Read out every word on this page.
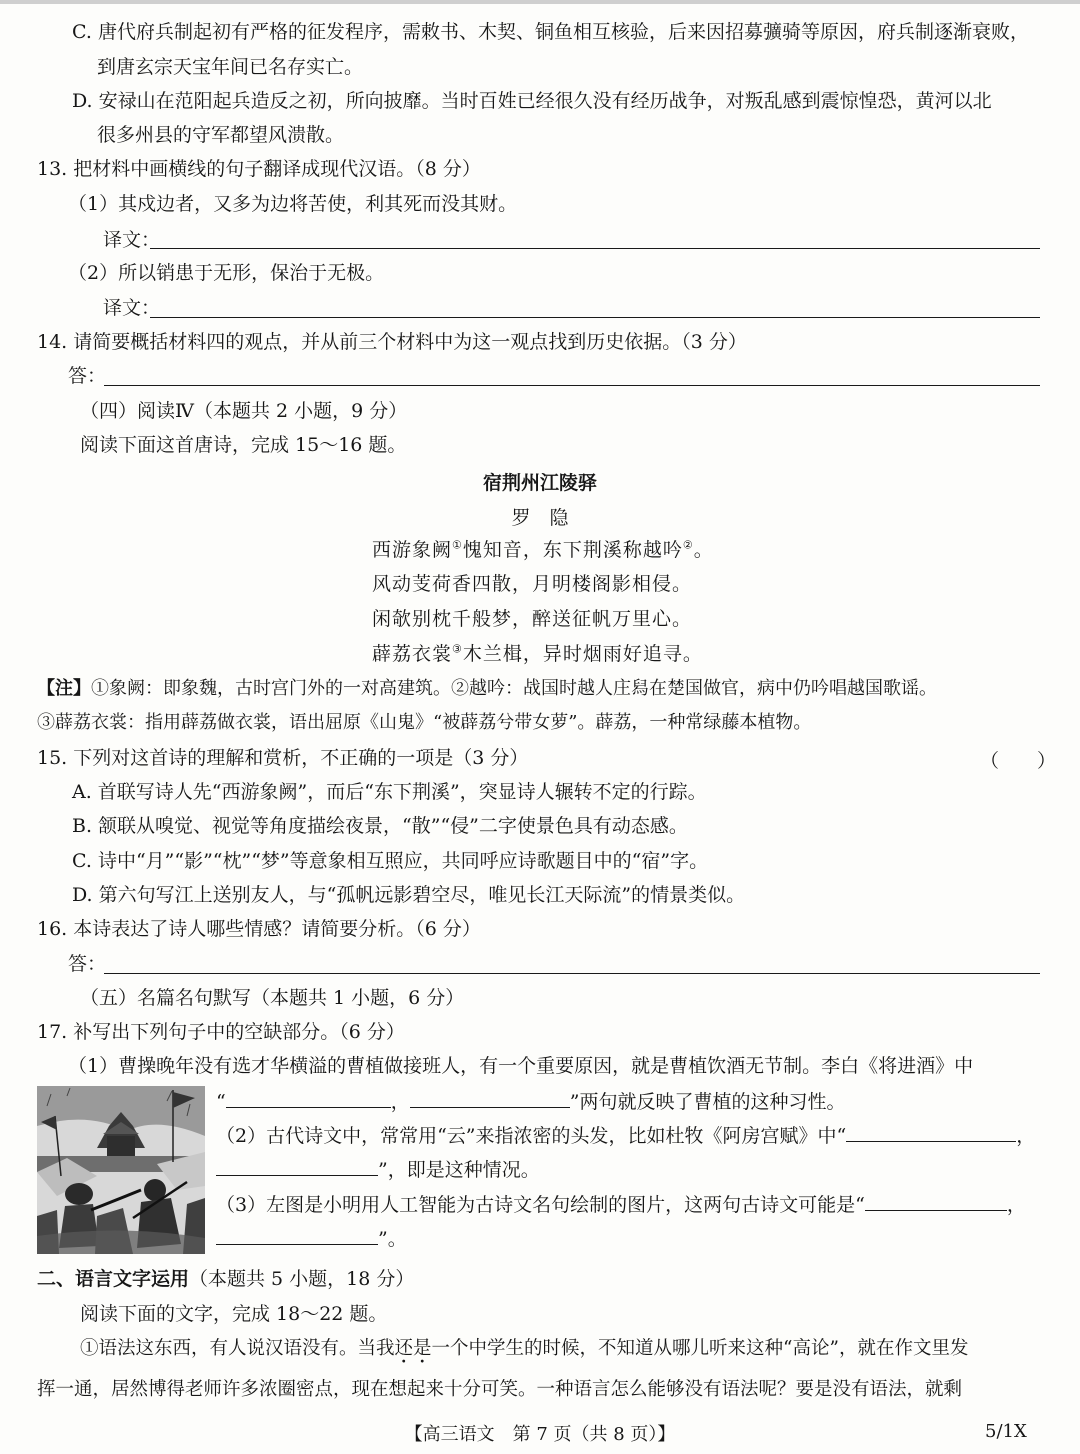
C. 唐代府兵制起初有严格的征发程序，需敕书、木契、铜鱼相互核验，后来因招募彍骑等原因，府兵制逐渐衰败，
到唐玄宗天宝年间已名存实亡。
D. 安禄山在范阳起兵造反之初，所向披靡。当时百姓已经很久没有经历战争，对叛乱感到震惊惶恐，黄河以北
很多州县的守军都望风溃散。
13. 把材料中画横线的句子翻译成现代汉语。（8 分）
（1）其戍边者，又多为边将苦使，利其死而没其财。
译文：
（2）所以销患于无形，保治于无极。
译文：
14. 请简要概括材料四的观点，并从前三个材料中为这一观点找到历史依据。（3 分）
答：
（四）阅读Ⅳ（本题共 2 小题，9 分）
阅读下面这首唐诗，完成 15～16 题。
宿荆州江陵驿
罗　隐
西游象阙①愧知音，东下荆溪称越吟②。
风动芰荷香四散，月明楼阁影相侵。
闲欹别枕千般梦，醉送征帆万里心。
薜荔衣裳③木兰楫，异时烟雨好追寻。
【注】①象阙：即象魏，古时宫门外的一对高建筑。②越吟：战国时越人庄舄在楚国做官，病中仍吟唱越国歌谣。
③薜荔衣裳：指用薜荔做衣裳，语出屈原《山鬼》“被薜荔兮带女萝”。薜荔，一种常绿藤本植物。
15. 下列对这首诗的理解和赏析，不正确的一项是（3 分）	（　　）
A. 首联写诗人先“西游象阙”，而后“东下荆溪”，突显诗人辗转不定的行踪。
B. 颔联从嗅觉、视觉等角度描绘夜景，“散”“侵”二字使景色具有动态感。
C. 诗中“月”“影”“枕”“梦”等意象相互照应，共同呼应诗歌题目中的“宿”字。
D. 第六句写江上送别友人，与“孤帆远影碧空尽，唯见长江天际流”的情景类似。
16. 本诗表达了诗人哪些情感？请简要分析。（6 分）
答：
（五）名篇名句默写（本题共 1 小题，6 分）
17. 补写出下列句子中的空缺部分。（6 分）
（1）曹操晚年没有选才华横溢的曹植做接班人，有一个重要原因，就是曹植饮酒无节制。李白《将进酒》中
“	，	”两句就反映了曹植的这种习性。
（2）古代诗文中，常常用“云”来指浓密的头发，比如杜牧《阿房宫赋》中“	，
”，即是这种情况。
（3）左图是小明用人工智能为古诗文名句绘制的图片，这两句古诗文可能是“	，
”。
二、语言文字运用（本题共 5 小题，18 分）
阅读下面的文字，完成 18～22 题。
①语法这东西，有人说汉语没有。当我还是一个中学生的时候，不知道从哪儿听来这种“高论”，就在作文里发
挥一通，居然博得老师许多浓圈密点，现在想起来十分可笑。一种语言怎么能够没有语法呢？要是没有语法，就剩
【高三语文　第 7 页（共 8 页）】	5/1X
